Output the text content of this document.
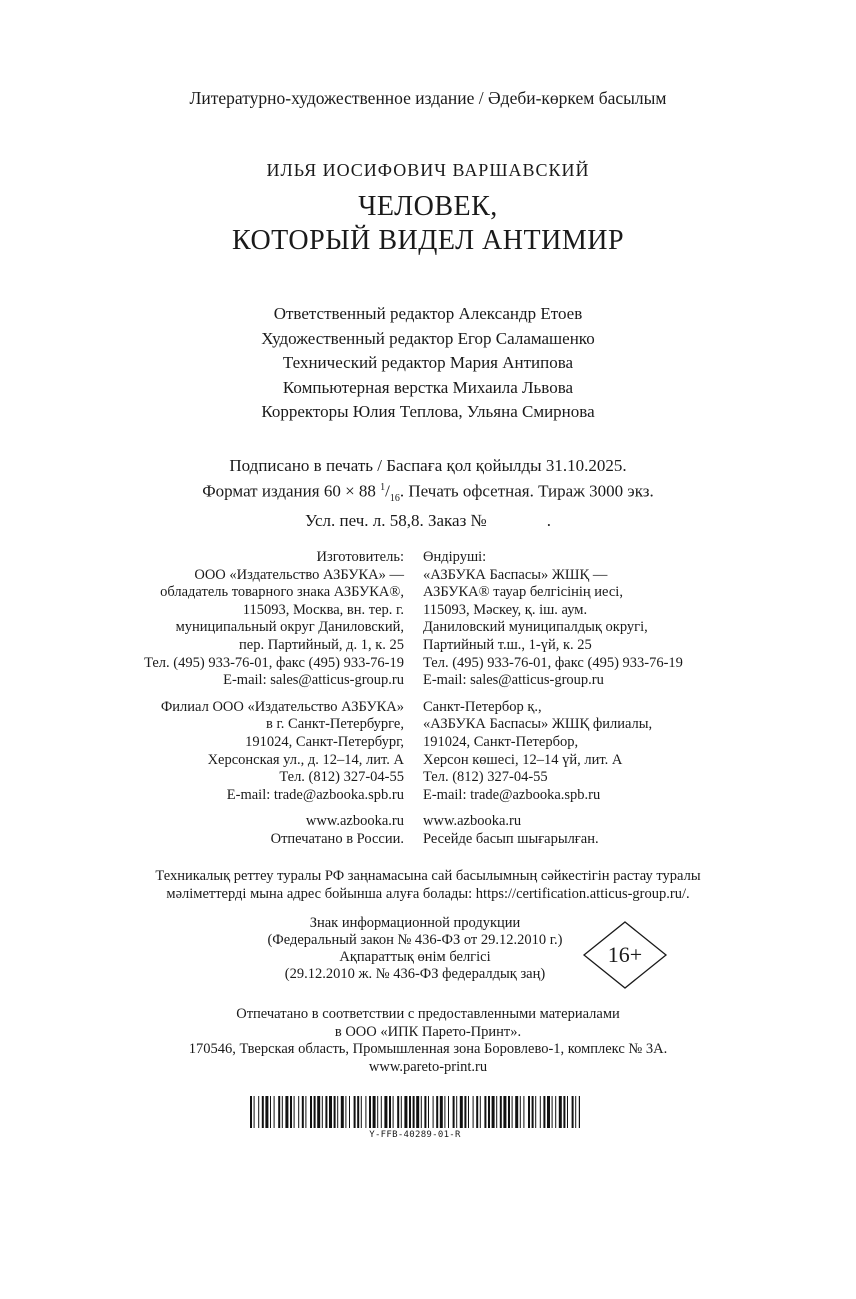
Литературно-художественное издание / Әдеби-көркем басылым
ИЛЬЯ ИОСИФОВИЧ ВАРШАВСКИЙ
ЧЕЛОВЕК,
КОТОРЫЙ ВИДЕЛ АНТИМИР
Ответственный редактор Александр Етоев
Художественный редактор Егор Саламашенко
Технический редактор Мария Антипова
Компьютерная верстка Михаила Львова
Корректоры Юлия Теплова, Ульяна Смирнова
Подписано в печать / Баспаға қол қойылды 31.10.2025.
Формат издания 60 × 88 $^1/_{16}$. Печать офсетная. Тираж 3000 экз.
Усл. печ. л. 58,8. Заказ №	.
Изготовитель:
ООО «Издательство АЗБУКА» —
обладатель товарного знака АЗБУКА®,
115093, Москва, вн. тер. г.
муниципальный округ Даниловский,
пер. Партийный, д. 1, к. 25
Тел. (495) 933-76-01, факс (495) 933-76-19
E-mail: sales@atticus-group.ru
Филиал ООО «Издательство АЗБУКА»
в г. Санкт-Петербурге,
191024, Санкт-Петербург,
Херсонская ул., д. 12–14, лит. А
Тел. (812) 327-04-55
E-mail: trade@azbooka.spb.ru
www.azbooka.ru
Отпечатано в России.
Өндіруші:
«АЗБУКА Баспасы» ЖШҚ —
АЗБУКА® тауар белгісінің иесі,
115093, Мәскеу, қ. іш. аум.
Даниловский муниципалдық округі,
Партийный т.ш., 1-үй, к. 25
Тел. (495) 933-76-01, факс (495) 933-76-19
E-mail: sales@atticus-group.ru
Санкт-Петербор қ.,
«АЗБУКА Баспасы» ЖШҚ филиалы,
191024, Санкт-Петербор,
Херсон көшесі, 12–14 үй, лит. А
Тел. (812) 327-04-55
E-mail: trade@azbooka.spb.ru
www.azbooka.ru
Ресейде басып шығарылған.
Техникалық реттеу туралы РФ заңнамасына сай басылымның сәйкестігін растау туралы
мәліметтерді мына адрес бойынша алуға болады: https://certification.atticus-group.ru/.
Знак информационной продукции
(Федеральный закон № 436-ФЗ от 29.12.2010 г.)
Ақпараттық өнім белгісі
(29.12.2010 ж. № 436-ФЗ федералдық заң)
16+
Отпечатано в соответствии с предоставленными материалами
в ООО «ИПК Парето-Принт».
170546, Тверская область, Промышленная зона Боровлево-1, комплекс № 3А.
www.pareto-print.ru
Y-FFB-40289-01-R
